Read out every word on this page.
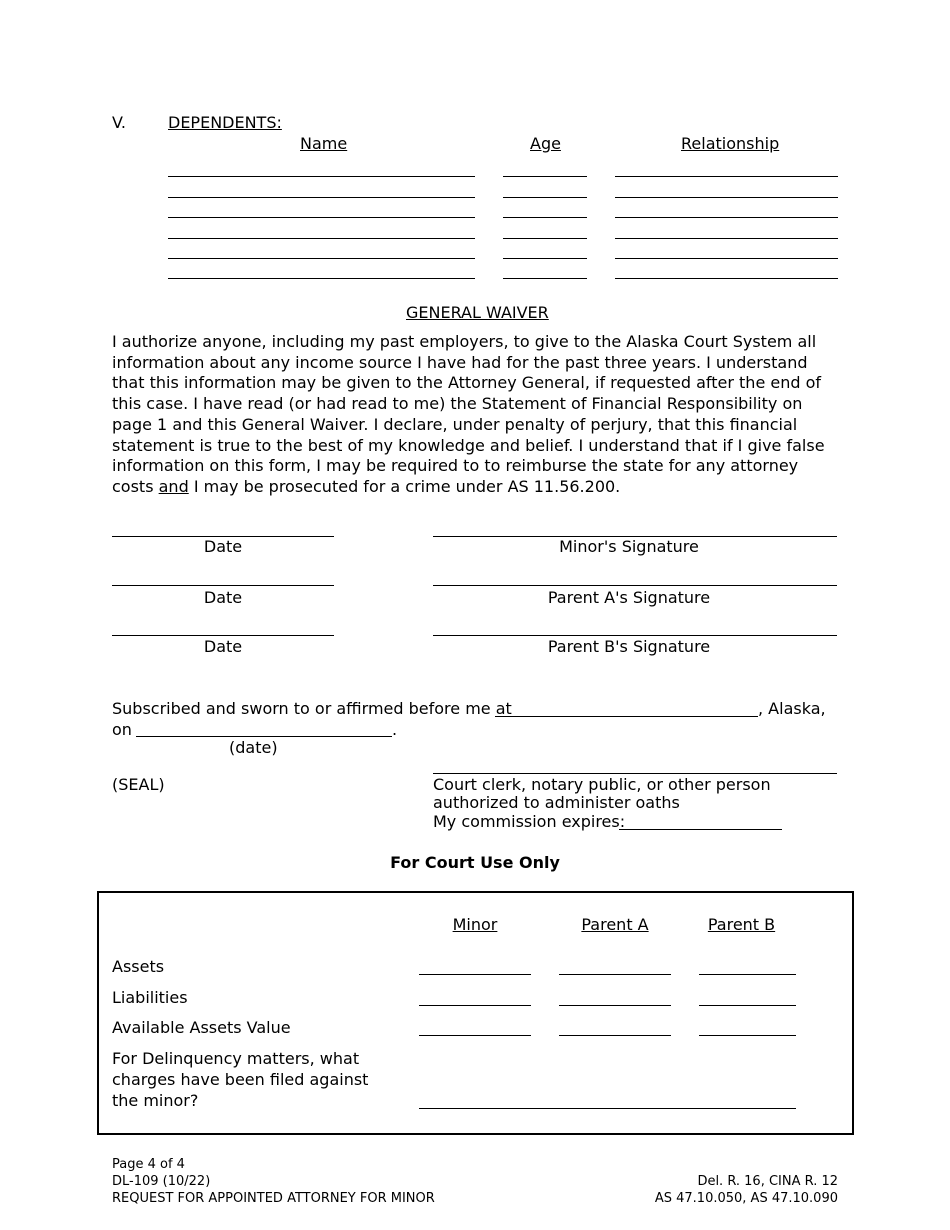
V.	DEPENDENTS:
Name	Age	Relationship
GENERAL WAIVER
I authorize anyone, including my past employers, to give to the Alaska Court System all information about any income source I have had for the past three years. I understand that this information may be given to the Attorney General, if requested after the end of this case. I have read (or had read to me) the Statement of Financial Responsibility on page 1 and this General Waiver. I declare, under penalty of perjury, that this financial statement is true to the best of my knowledge and belief. I understand that if I give false information on this form, I may be required to to reimburse the state for any attorney costs and I may be prosecuted for a crime under AS 11.56.200.
Date	Minor's Signature
Date	Parent A's Signature
Date	Parent B's Signature
Subscribed and sworn to or affirmed before me at	, Alaska,
on	.
(date)
(SEAL)	Court clerk, notary public, or other person
authorized to administer oaths
My commission expires:
For Court Use Only
Minor	Parent A	Parent B
Assets
Liabilities
Available Assets Value
For Delinquency matters, what
charges have been filed against
the minor?
Page 4 of 4
DL-109 (10/22)
REQUEST FOR APPOINTED ATTORNEY FOR MINOR
Del. R. 16, CINA R. 12
AS 47.10.050, AS 47.10.090
